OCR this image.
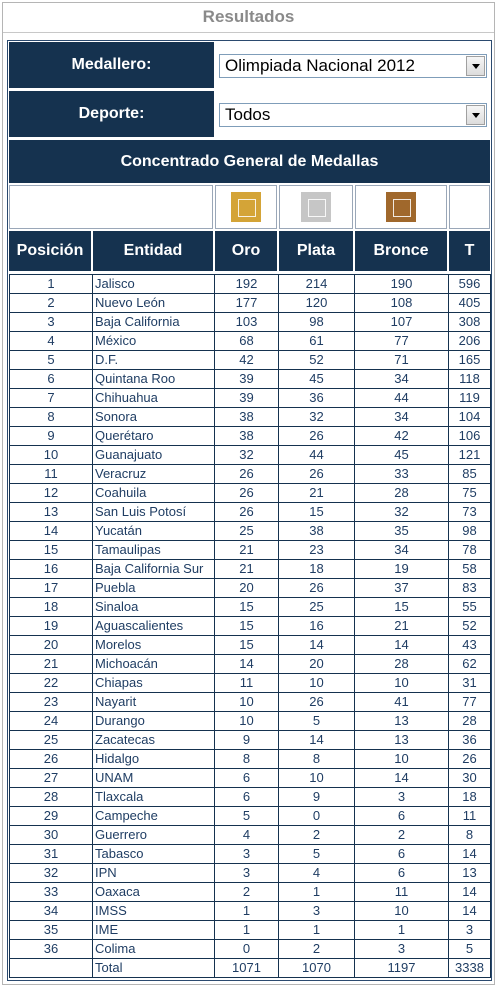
Resultados
Medallero:	Olimpiada Nacional 2012
Deporte:	Todos
Concentrado General de Medallas
Posición	Entidad	Oro	Plata	Bronce	T
1	Jalisco	192	214	190	596
2	Nuevo León	177	120	108	405
3	Baja California	103	98	107	308
4	México	68	61	77	206
5	D.F.	42	52	71	165
6	Quintana Roo	39	45	34	118
7	Chihuahua	39	36	44	119
8	Sonora	38	32	34	104
9	Querétaro	38	26	42	106
10	Guanajuato	32	44	45	121
11	Veracruz	26	26	33	85
12	Coahuila	26	21	28	75
13	San Luis Potosí	26	15	32	73
14	Yucatán	25	38	35	98
15	Tamaulipas	21	23	34	78
16	Baja California Sur	21	18	19	58
17	Puebla	20	26	37	83
18	Sinaloa	15	25	15	55
19	Aguascalientes	15	16	21	52
20	Morelos	15	14	14	43
21	Michoacán	14	20	28	62
22	Chiapas	11	10	10	31
23	Nayarit	10	26	41	77
24	Durango	10	5	13	28
25	Zacatecas	9	14	13	36
26	Hidalgo	8	8	10	26
27	UNAM	6	10	14	30
28	Tlaxcala	6	9	3	18
29	Campeche	5	0	6	11
30	Guerrero	4	2	2	8
31	Tabasco	3	5	6	14
32	IPN	3	4	6	13
33	Oaxaca	2	1	11	14
34	IMSS	1	3	10	14
35	IME	1	1	1	3
36	Colima	0	2	3	5
	Total	1071	1070	1197	3338
